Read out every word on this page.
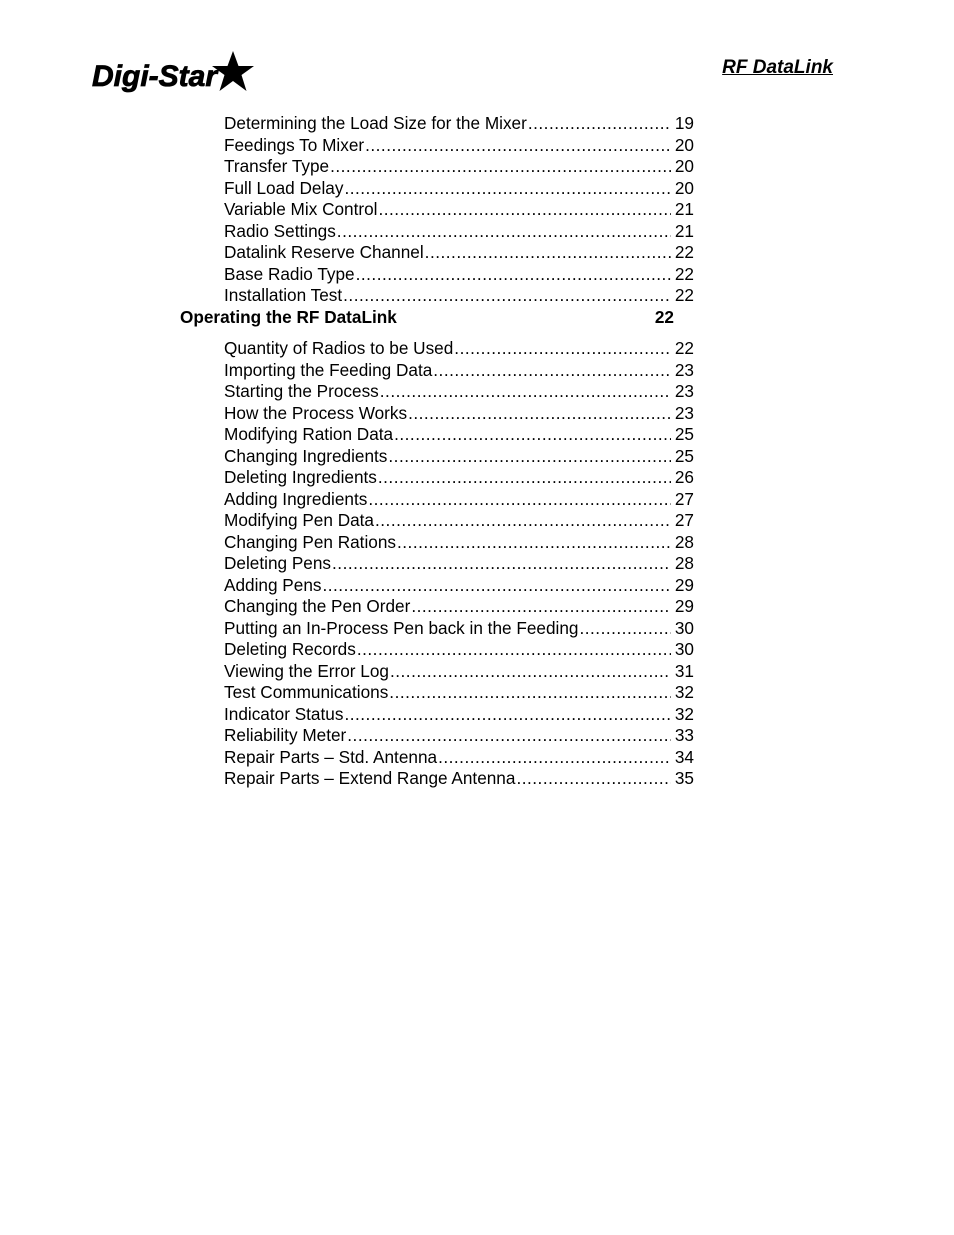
Digi-Star	RF DataLink
Determining the Load Size for the Mixer .....	19
Feedings To Mixer .....	20
Transfer Type .....	20
Full Load Delay .....	20
Variable Mix Control .....	21
Radio Settings .....	21
Datalink Reserve Channel .....	22
Base Radio Type .....	22
Installation Test .....	22
Operating the RF DataLink	22
Quantity of Radios to be Used .....	22
Importing the Feeding Data .....	23
Starting the Process .....	23
How the Process Works .....	23
Modifying Ration Data .....	25
Changing Ingredients .....	25
Deleting Ingredients .....	26
Adding Ingredients .....	27
Modifying Pen Data .....	27
Changing Pen Rations .....	28
Deleting Pens .....	28
Adding Pens .....	29
Changing the Pen Order .....	29
Putting an In-Process Pen back in the Feeding .....	30
Deleting Records .....	30
Viewing the Error Log .....	31
Test Communications .....	32
Indicator Status .....	32
Reliability Meter .....	33
Repair Parts – Std. Antenna .....	34
Repair Parts – Extend Range Antenna .....	35
